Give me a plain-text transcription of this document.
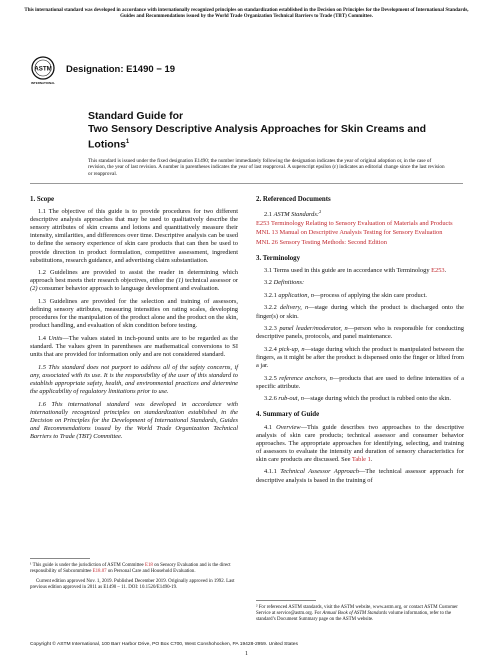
This international standard was developed in accordance with internationally recognized principles on standardization established in the Decision on Principles for the Development of International Standards, Guides and Recommendations issued by the World Trade Organization Technical Barriers to Trade (TBT) Committee.
ASTM
INTERNATIONAL
Designation: E1490 − 19
Standard Guide for
Two Sensory Descriptive Analysis Approaches for Skin Creams and Lotions$^1$
This standard is issued under the fixed designation E1490; the number immediately following the designation indicates the year of original adoption or, in the case of revision, the year of last revision. A number in parentheses indicates the year of last reapproval. A superscript epsilon (ε) indicates an editorial change since the last revision or reapproval.
1. Scope
1.1 The objective of this guide is to provide procedures for two different descriptive analysis approaches that may be used to qualitatively describe the sensory attributes of skin creams and lotions and quantitatively measure their intensity, similarities, and differences over time. Descriptive analysis can be used to define the sensory experience of skin care products that can then be used to provide direction in product formulation, competitive assessment, ingredient substitutions, research guidance, and advertising claim substantiation.
1.2 Guidelines are provided to assist the reader in determining which approach best meets their research objectives, either the (1) technical assessor or (2) consumer behavior approach to language development and evaluation.
1.3 Guidelines are provided for the selection and training of assessors, defining sensory attributes, measuring intensities on rating scales, developing procedures for the manipulation of the product alone and the product on the skin, product handling, and evaluation of skin condition before testing.
1.4 Units—The values stated in inch-pound units are to be regarded as the standard. The values given in parentheses are mathematical conversions to SI units that are provided for information only and are not considered standard.
1.5 This standard does not purport to address all of the safety concerns, if any, associated with its use. It is the responsibility of the user of this standard to establish appropriate safety, health, and environmental practices and determine the applicability of regulatory limitations prior to use.
1.6 This international standard was developed in accordance with internationally recognized principles on standardization established in the Decision on Principles for the Development of International Standards, Guides and Recommendations issued by the World Trade Organization Technical Barriers to Trade (TBT) Committee.
¹ This guide is under the jurisdiction of ASTM Committee E18 on Sensory Evaluation and is the direct responsibility of Subcommittee E18.07 on Personal Care and Household Evaluation.
Current edition approved Nov. 1, 2019. Published December 2019. Originally approved in 1992. Last previous edition approved in 2011 as E1490 – 11. DOI: 10.1520/E1490-19.
2. Referenced Documents
2.1 ASTM Standards:$^2$
E253 Terminology Relating to Sensory Evaluation of Materials and Products
MNL 13 Manual on Descriptive Analysis Testing for Sensory Evaluation
MNL 26 Sensory Testing Methods: Second Edition
3. Terminology
3.1 Terms used in this guide are in accordance with Terminology E253.
3.2 Definitions:
3.2.1 application, n—process of applying the skin care product.
3.2.2 delivery, n—stage during which the product is discharged onto the finger(s) or skin.
3.2.3 panel leader/moderator, n—person who is responsible for conducting descriptive panels, protocols, and panel maintenance.
3.2.4 pick-up, n—stage during which the product is manipulated between the fingers, as it might be after the product is dispensed onto the finger or lifted from a jar.
3.2.5 reference anchors, n—products that are used to define intensities of a specific attribute.
3.2.6 rub-out, n—stage during which the product is rubbed onto the skin.
4. Summary of Guide
4.1 Overview—This guide describes two approaches to the descriptive analysis of skin care products; technical assessor and consumer behavior approaches. The appropriate approaches for identifying, selecting, and training of assessors to evaluate the intensity and duration of sensory characteristics for skin care products are discussed. See Table 1.
4.1.1 Technical Assessor Approach—The technical assessor approach for descriptive analysis is based in the training of
² For referenced ASTM standards, visit the ASTM website, www.astm.org, or contact ASTM Customer Service at service@astm.org. For Annual Book of ASTM Standards volume information, refer to the standard’s Document Summary page on the ASTM website.
Copyright © ASTM International, 100 Barr Harbor Drive, PO Box C700, West Conshohocken, PA 19428-2959. United States
1
